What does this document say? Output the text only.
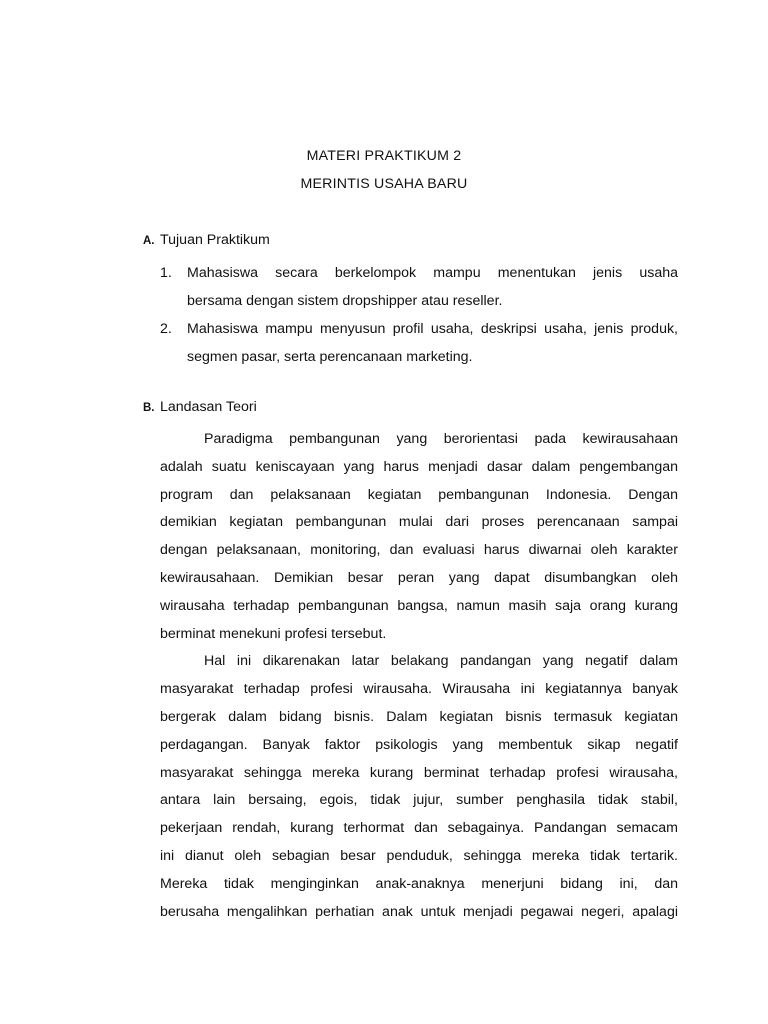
MATERI PRAKTIKUM 2
MERINTIS USAHA BARU
A. Tujuan Praktikum
1. Mahasiswa secara berkelompok mampu menentukan jenis usaha
bersama dengan sistem dropshipper atau reseller.
2. Mahasiswa mampu menyusun profil usaha, deskripsi usaha, jenis produk,
segmen pasar, serta perencanaan marketing.
B. Landasan Teori
Paradigma pembangunan yang berorientasi pada kewirausahaan
adalah suatu keniscayaan yang harus menjadi dasar dalam pengembangan
program dan pelaksanaan kegiatan pembangunan Indonesia. Dengan
demikian kegiatan pembangunan mulai dari proses perencanaan sampai
dengan pelaksanaan, monitoring, dan evaluasi harus diwarnai oleh karakter
kewirausahaan. Demikian besar peran yang dapat disumbangkan oleh
wirausaha terhadap pembangunan bangsa, namun masih saja orang kurang
berminat menekuni profesi tersebut.
Hal ini dikarenakan latar belakang pandangan yang negatif dalam
masyarakat terhadap profesi wirausaha. Wirausaha ini kegiatannya banyak
bergerak dalam bidang bisnis. Dalam kegiatan bisnis termasuk kegiatan
perdagangan. Banyak faktor psikologis yang membentuk sikap negatif
masyarakat sehingga mereka kurang berminat terhadap profesi wirausaha,
antara lain bersaing, egois, tidak jujur, sumber penghasila tidak stabil,
pekerjaan rendah, kurang terhormat dan sebagainya. Pandangan semacam
ini dianut oleh sebagian besar penduduk, sehingga mereka tidak tertarik.
Mereka tidak menginginkan anak-anaknya menerjuni bidang ini, dan
berusaha mengalihkan perhatian anak untuk menjadi pegawai negeri, apalagi
